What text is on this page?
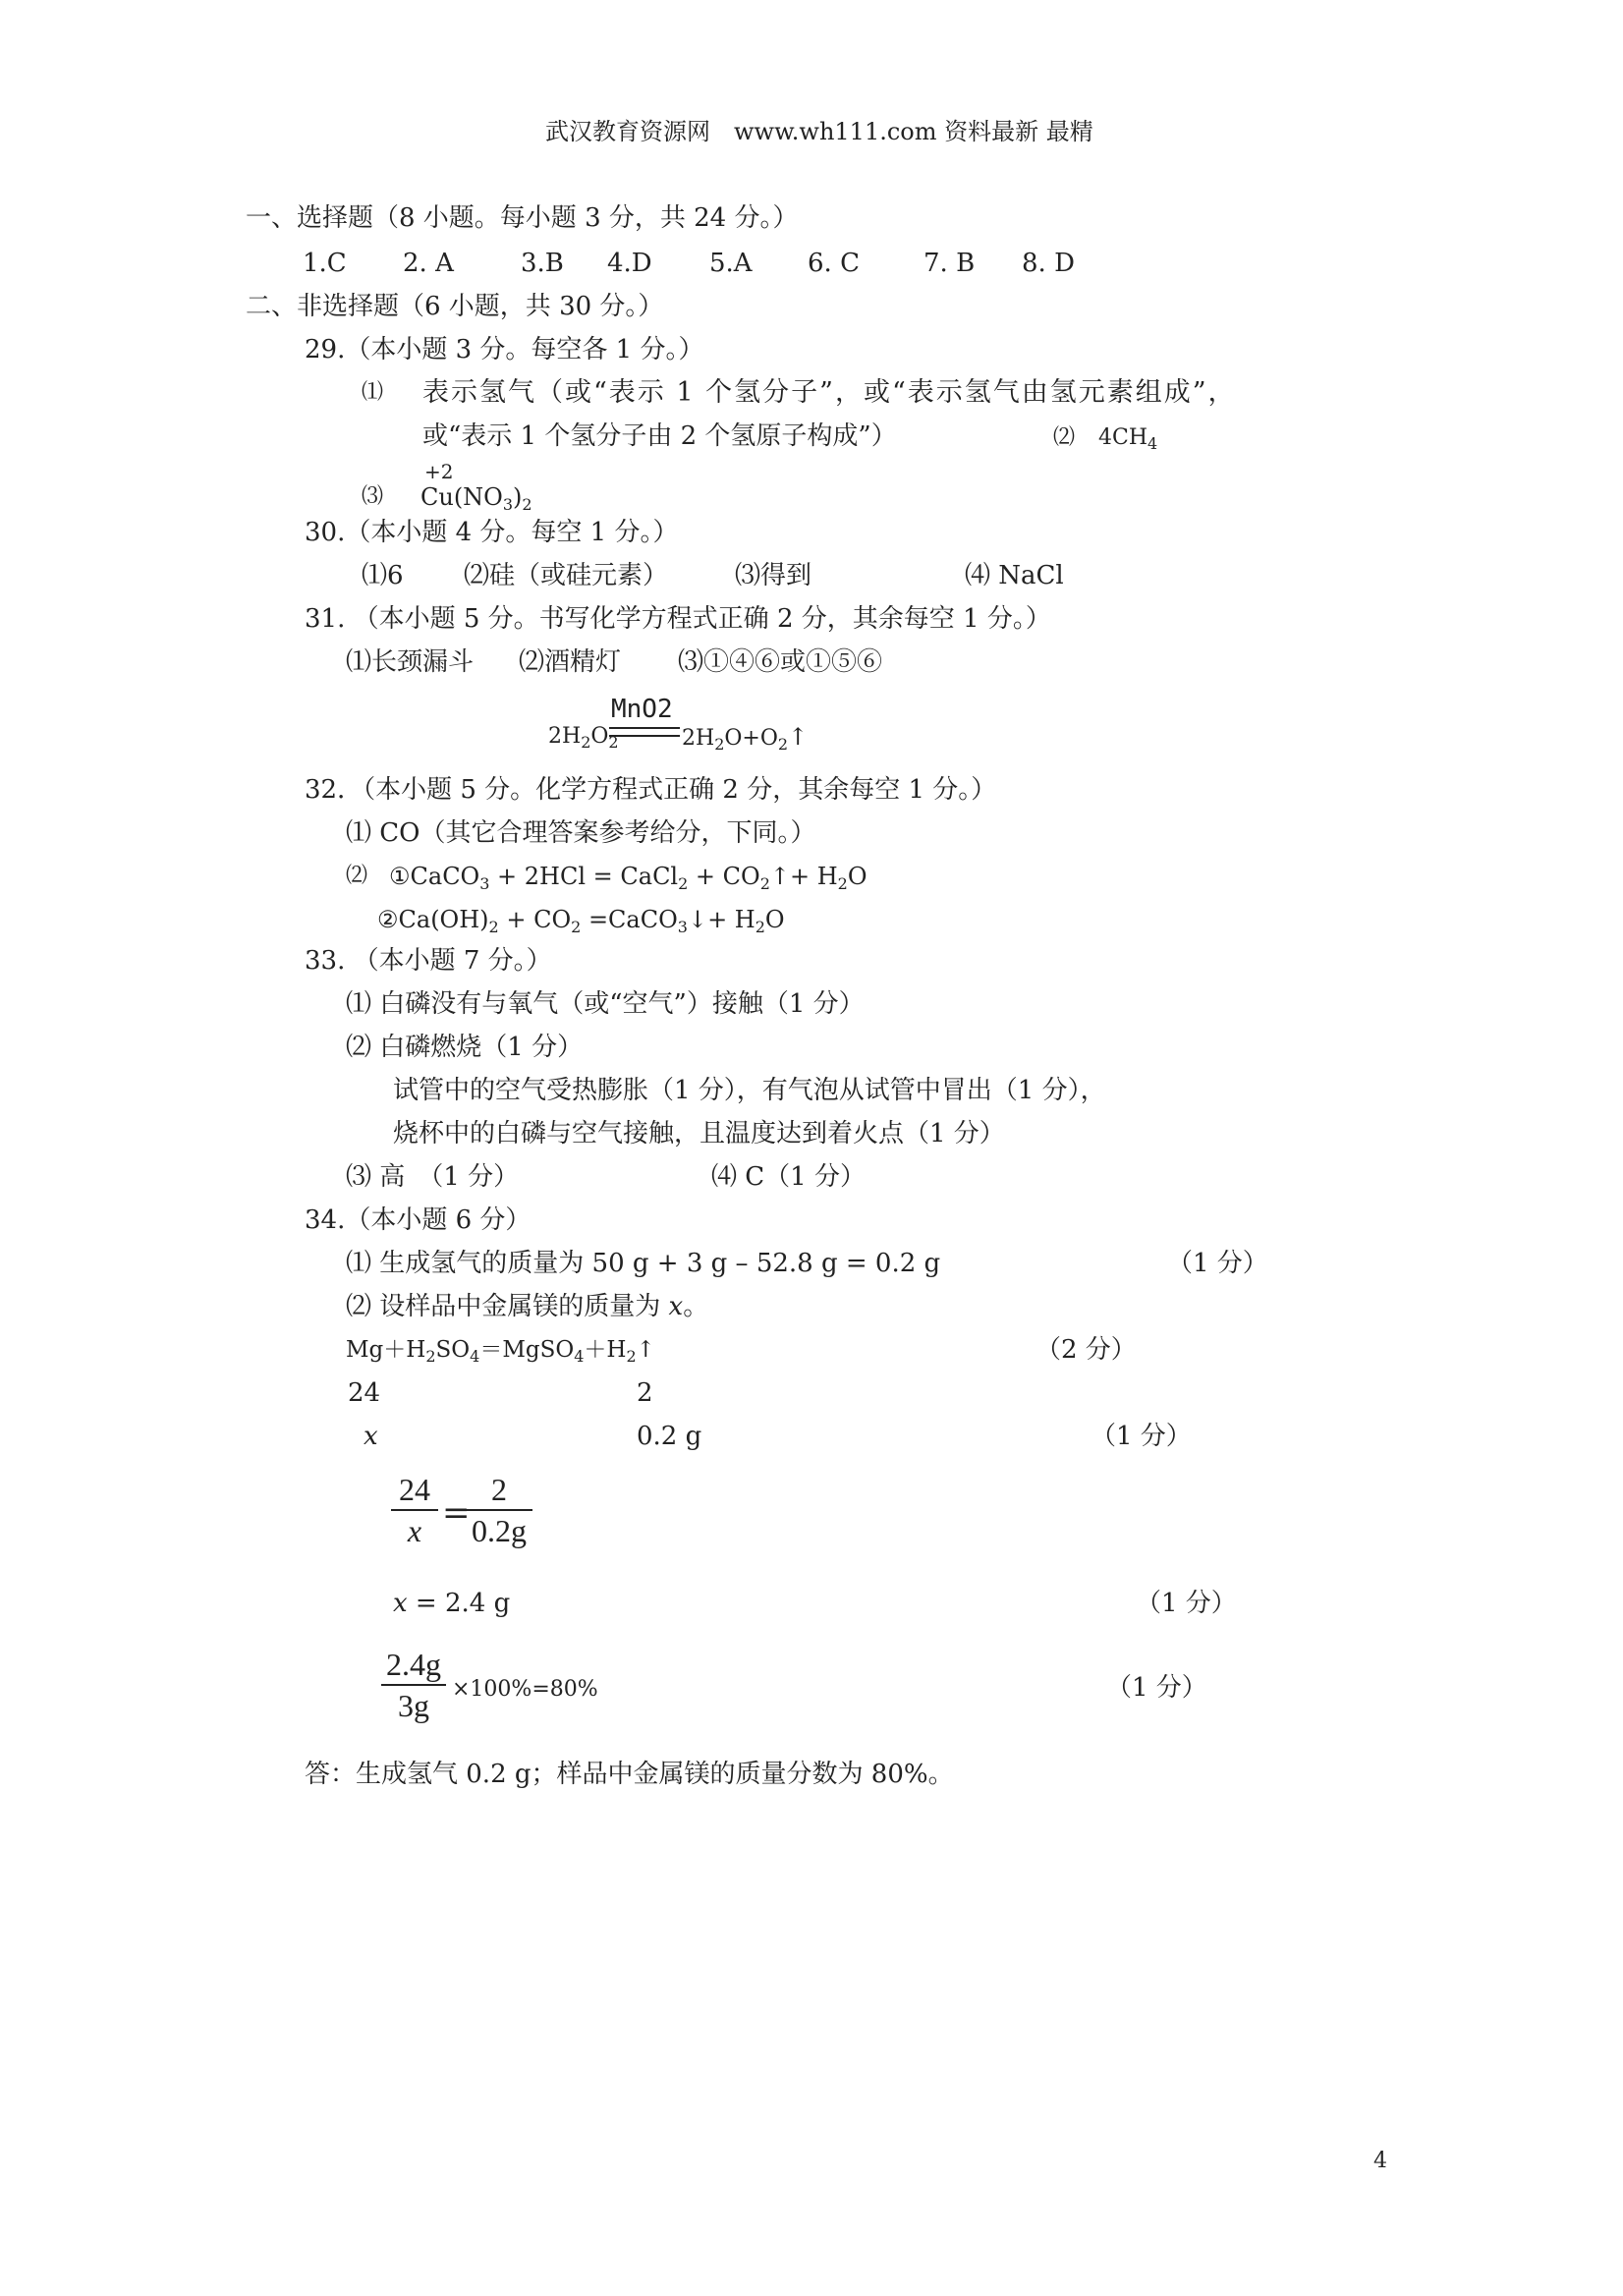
武汉教育资源网　www.wh111.com 资料最新 最精
一、选择题（8 小题。每小题 3 分，共 24 分。）
1.C 2. A	3.B 4.D 5.A 6. C	7. B 8. D
二、非选择题（6 小题，共 30 分。）
29.（本小题 3 分。每空各 1 分。）
⑴ 表示氢气（或“表示 1 个氢分子”，或“表示氢气由氢元素组成”，
或“表示 1 个氢分子由 2 个氢原子构成”）	⑵ $4CH_4$
+2
⑶ $Cu(NO_3)_2$
30.（本小题 4 分。每空 1 分。）
⑴6 ⑵硅（或硅元素）	⑶得到	⑷ NaCl
31. （本小题 5 分。书写化学方程式正确 2 分，其余每空 1 分。）
⑴长颈漏斗 ⑵酒精灯 ⑶①④⑥或①⑤⑥
MnO2
$2H_2O_2$	$2H_2O+O_2↑$
32．（本小题 5 分。化学方程式正确 2 分，其余每空 1 分。）
⑴ CO（其它合理答案参考给分，下同。）
⑵ ①CaCO$_3$ + 2HCl = CaCl$_2$ + $CO_2↑+ H_2O$
$②Ca(OH)_2 + CO_2$ =CaCO$_3$↓+ $H_2O$
33. （本小题 7 分。）
⑴ 白磷没有与氧气（或“空气”）接触（1 分）
⑵ 白磷燃烧（1 分）
试管中的空气受热膨胀（1 分），有气泡从试管中冒出（1 分），
烧杯中的白磷与空气接触，且温度达到着火点（1 分）
⑶ 高　（1 分）	⑷ C（1 分）
34.（本小题 6 分）
⑴ 生成氢气的质量为 50 g + 3 g – 52.8 g = 0.2 g	（1 分）
⑵ 设样品中金属镁的质量为 x。
$Mg+H_2SO_4=MgSO_4+H_2↑$	（2 分）
24	2
x	0.2 g	（1 分）
24
x =
2
0.2g
x = 2.4 g	（1 分）
2.4g
3g	×100%=80%	（1 分）
答：生成氢气 0.2 g；样品中金属镁的质量分数为 80%。
4
